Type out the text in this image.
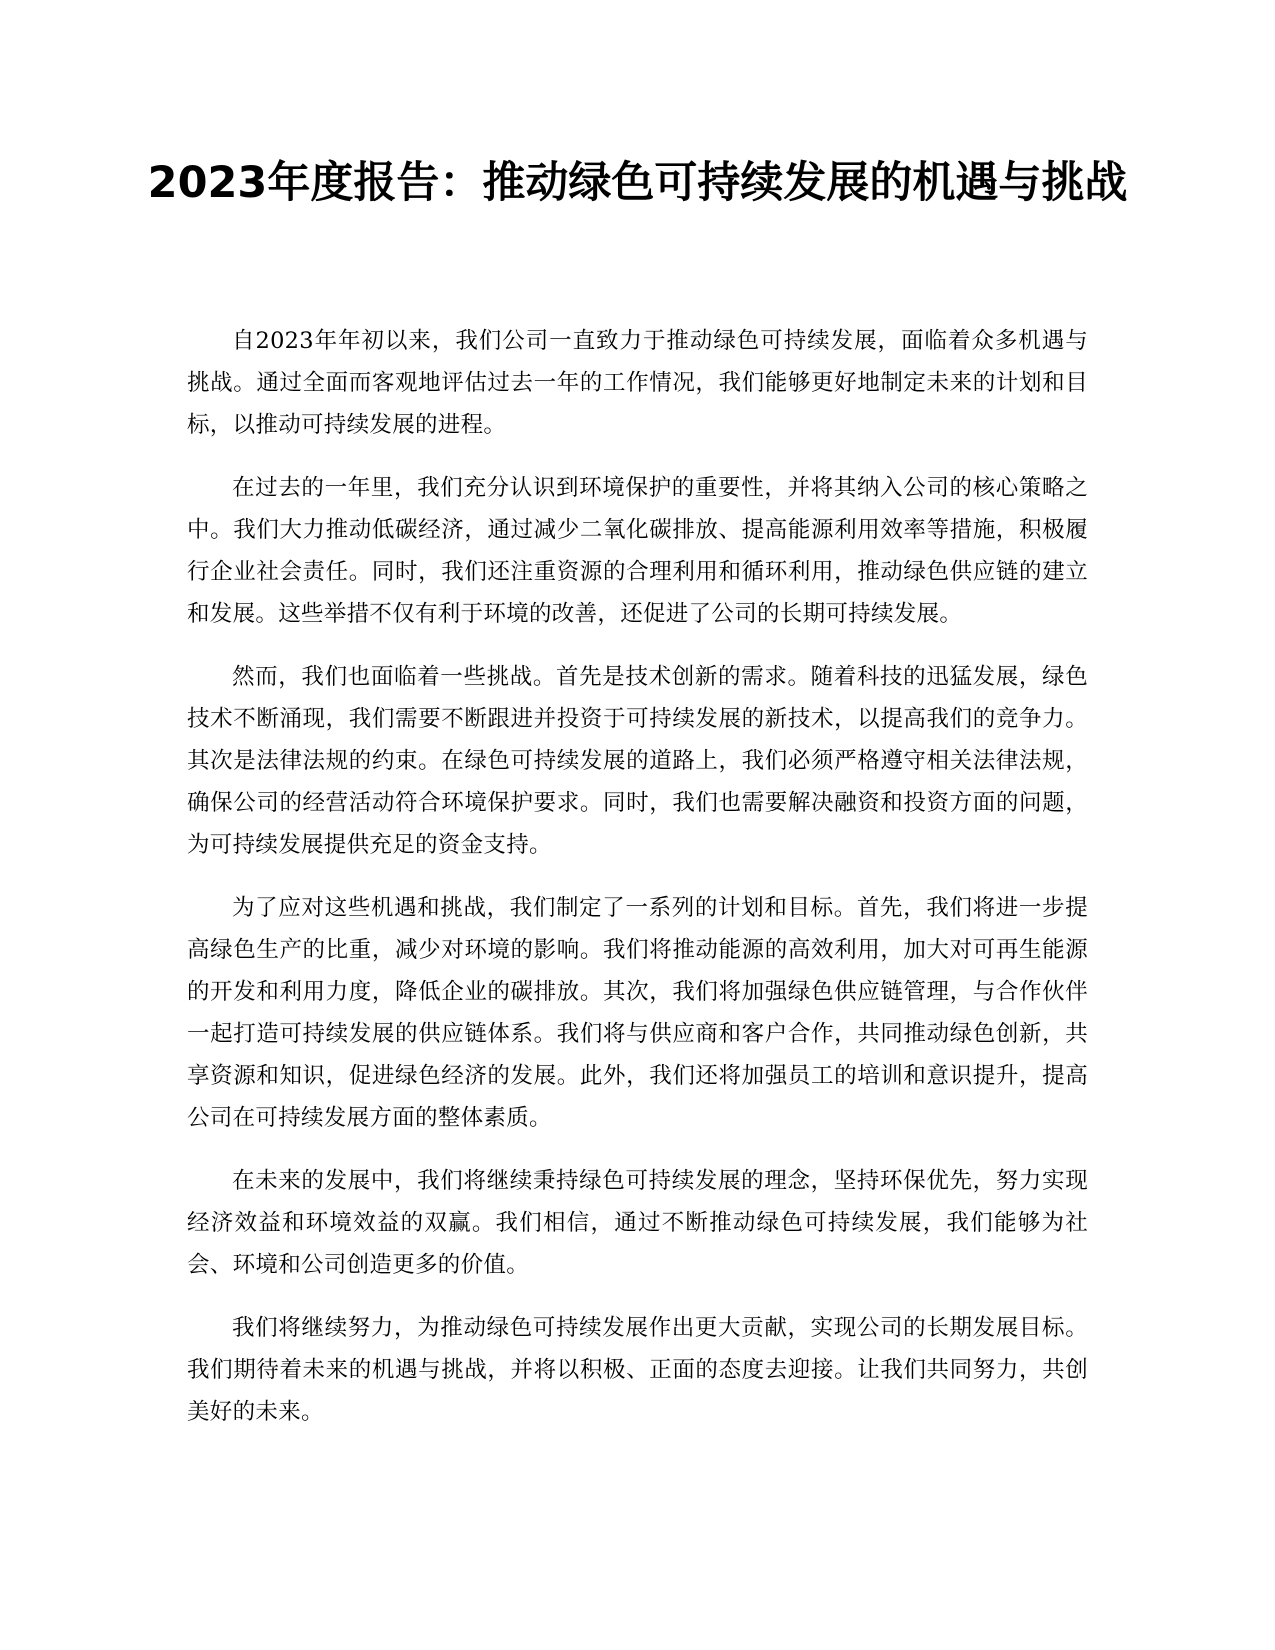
2023年度报告：推动绿色可持续发展的机遇与挑战

自2023年年初以来，我们公司一直致力于推动绿色可持续发展，面临着众多机遇与挑战。通过全面而客观地评估过去一年的工作情况，我们能够更好地制定未来的计划和目标，以推动可持续发展的进程。

在过去的一年里，我们充分认识到环境保护的重要性，并将其纳入公司的核心策略之中。我们大力推动低碳经济，通过减少二氧化碳排放、提高能源利用效率等措施，积极履行企业社会责任。同时，我们还注重资源的合理利用和循环利用，推动绿色供应链的建立和发展。这些举措不仅有利于环境的改善，还促进了公司的长期可持续发展。

然而，我们也面临着一些挑战。首先是技术创新的需求。随着科技的迅猛发展，绿色技术不断涌现，我们需要不断跟进并投资于可持续发展的新技术，以提高我们的竞争力。其次是法律法规的约束。在绿色可持续发展的道路上，我们必须严格遵守相关法律法规，确保公司的经营活动符合环境保护要求。同时，我们也需要解决融资和投资方面的问题，为可持续发展提供充足的资金支持。

为了应对这些机遇和挑战，我们制定了一系列的计划和目标。首先，我们将进一步提高绿色生产的比重，减少对环境的影响。我们将推动能源的高效利用，加大对可再生能源的开发和利用力度，降低企业的碳排放。其次，我们将加强绿色供应链管理，与合作伙伴一起打造可持续发展的供应链体系。我们将与供应商和客户合作，共同推动绿色创新，共享资源和知识，促进绿色经济的发展。此外，我们还将加强员工的培训和意识提升，提高公司在可持续发展方面的整体素质。

在未来的发展中，我们将继续秉持绿色可持续发展的理念，坚持环保优先，努力实现经济效益和环境效益的双赢。我们相信，通过不断推动绿色可持续发展，我们能够为社会、环境和公司创造更多的价值。

我们将继续努力，为推动绿色可持续发展作出更大贡献，实现公司的长期发展目标。我们期待着未来的机遇与挑战，并将以积极、正面的态度去迎接。让我们共同努力，共创美好的未来。
